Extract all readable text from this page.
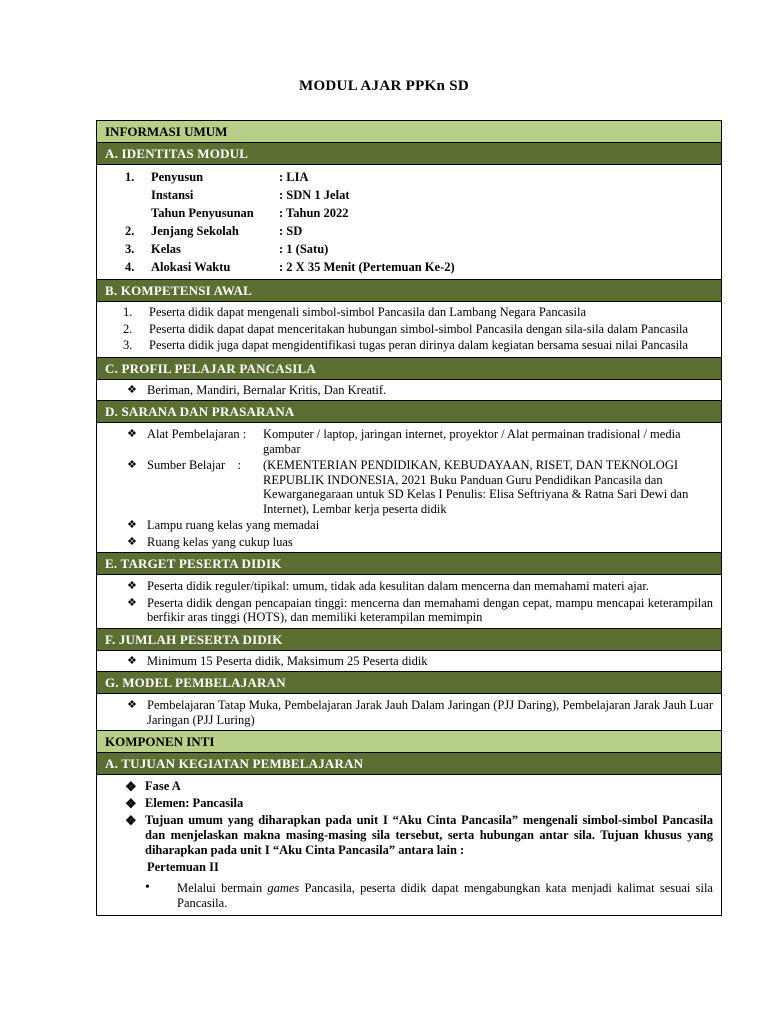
MODUL AJAR PPKn SD
INFORMASI UMUM
A. IDENTITAS MODUL
1.	Penyusun	: LIA
Instansi	: SDN 1 Jelat
Tahun Penyusunan	: Tahun 2022
2.	Jenjang Sekolah	: SD
3.	Kelas	: 1 (Satu)
4.	Alokasi Waktu	: 2 X 35 Menit (Pertemuan Ke-2)
B. KOMPETENSI AWAL
1.	Peserta didik dapat mengenali simbol-simbol Pancasila dan Lambang Negara Pancasila
2.	Peserta didik dapat dapat menceritakan hubungan simbol-simbol Pancasila dengan sila-sila dalam Pancasila
3.	Peserta didik juga dapat mengidentifikasi tugas peran dirinya dalam kegiatan bersama sesuai nilai Pancasila
C. PROFIL PELAJAR PANCASILA
❖ Beriman, Mandiri, Bernalar Kritis, Dan Kreatif.
D. SARANA DAN PRASARANA
❖ Alat Pembelajaran :	Komputer / laptop, jaringan internet, proyektor / Alat permainan tradisional / media gambar
❖ Sumber Belajar    :	(KEMENTERIAN PENDIDIKAN, KEBUDAYAAN, RISET, DAN TEKNOLOGI REPUBLIK INDONESIA, 2021 Buku Panduan Guru Pendidikan Pancasila dan Kewarganegaraan untuk SD Kelas I Penulis: Elisa Seftriyana & Ratna Sari Dewi dan Internet), Lembar kerja peserta didik
❖ Lampu ruang kelas yang memadai
❖ Ruang kelas yang cukup luas
E. TARGET PESERTA DIDIK
❖ Peserta didik reguler/tipikal: umum, tidak ada kesulitan dalam mencerna dan memahami materi ajar.
❖ Peserta didik dengan pencapaian tinggi: mencerna dan memahami dengan cepat, mampu mencapai keterampilan berfikir aras tinggi (HOTS), dan memiliki keterampilan memimpin
F. JUMLAH PESERTA DIDIK
❖ Minimum 15 Peserta didik, Maksimum 25 Peserta didik
G. MODEL PEMBELAJARAN
❖ Pembelajaran Tatap Muka, Pembelajaran Jarak Jauh Dalam Jaringan (PJJ Daring), Pembelajaran Jarak Jauh Luar Jaringan (PJJ Luring)
KOMPONEN INTI
A. TUJUAN KEGIATAN PEMBELAJARAN
❖ Fase A
❖ Elemen: Pancasila
❖ Tujuan umum yang diharapkan pada unit I “Aku Cinta Pancasila” mengenali simbol-simbol Pancasila dan menjelaskan makna masing-masing sila tersebut, serta hubungan antar sila. Tujuan khusus yang diharapkan pada unit I “Aku Cinta Pancasila” antara lain :
Pertemuan II
•	Melalui bermain games Pancasila, peserta didik dapat mengabungkan kata menjadi kalimat sesuai sila Pancasila.
